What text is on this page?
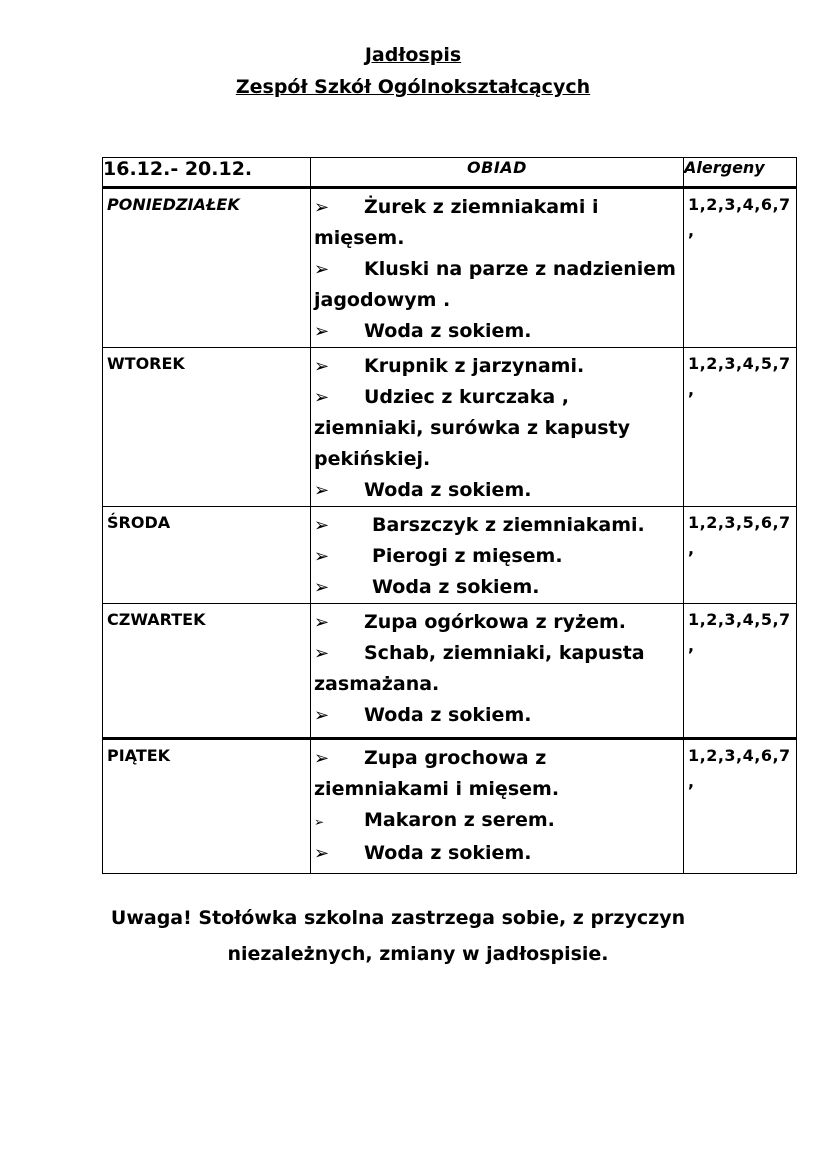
Jadłospis
Zespół Szkół Ogólnokształcących
16.12.- 20.12.	OBIAD	Alergeny
PONIEDZIAŁEK	➢ Żurek z ziemniakami i
mięsem.
➢ Kluski na parze z nadzieniem
jagodowym .
➢ Woda z sokiem.	1,2,3,4,6,7,
WTOREK	➢ Krupnik z jarzynami.
➢ Udziec z kurczaka ,
ziemniaki, surówka z kapusty
pekińskiej.
➢ Woda z sokiem.	1,2,3,4,5,7,
ŚRODA	➢ Barszczyk z ziemniakami.
➢ Pierogi z mięsem.
➢ Woda z sokiem.	1,2,3,5,6,7,
CZWARTEK	➢ Zupa ogórkowa z ryżem.
➢ Schab, ziemniaki, kapusta
zasmażana.
➢ Woda z sokiem.	1,2,3,4,5,7,
PIĄTEK	➢ Zupa grochowa z
ziemniakami i mięsem.
➢ Makaron z serem.
➢ Woda z sokiem.	1,2,3,4,6,7,
Uwaga! Stołówka szkolna zastrzega sobie, z przyczyn
niezależnych, zmiany w jadłospisie.
